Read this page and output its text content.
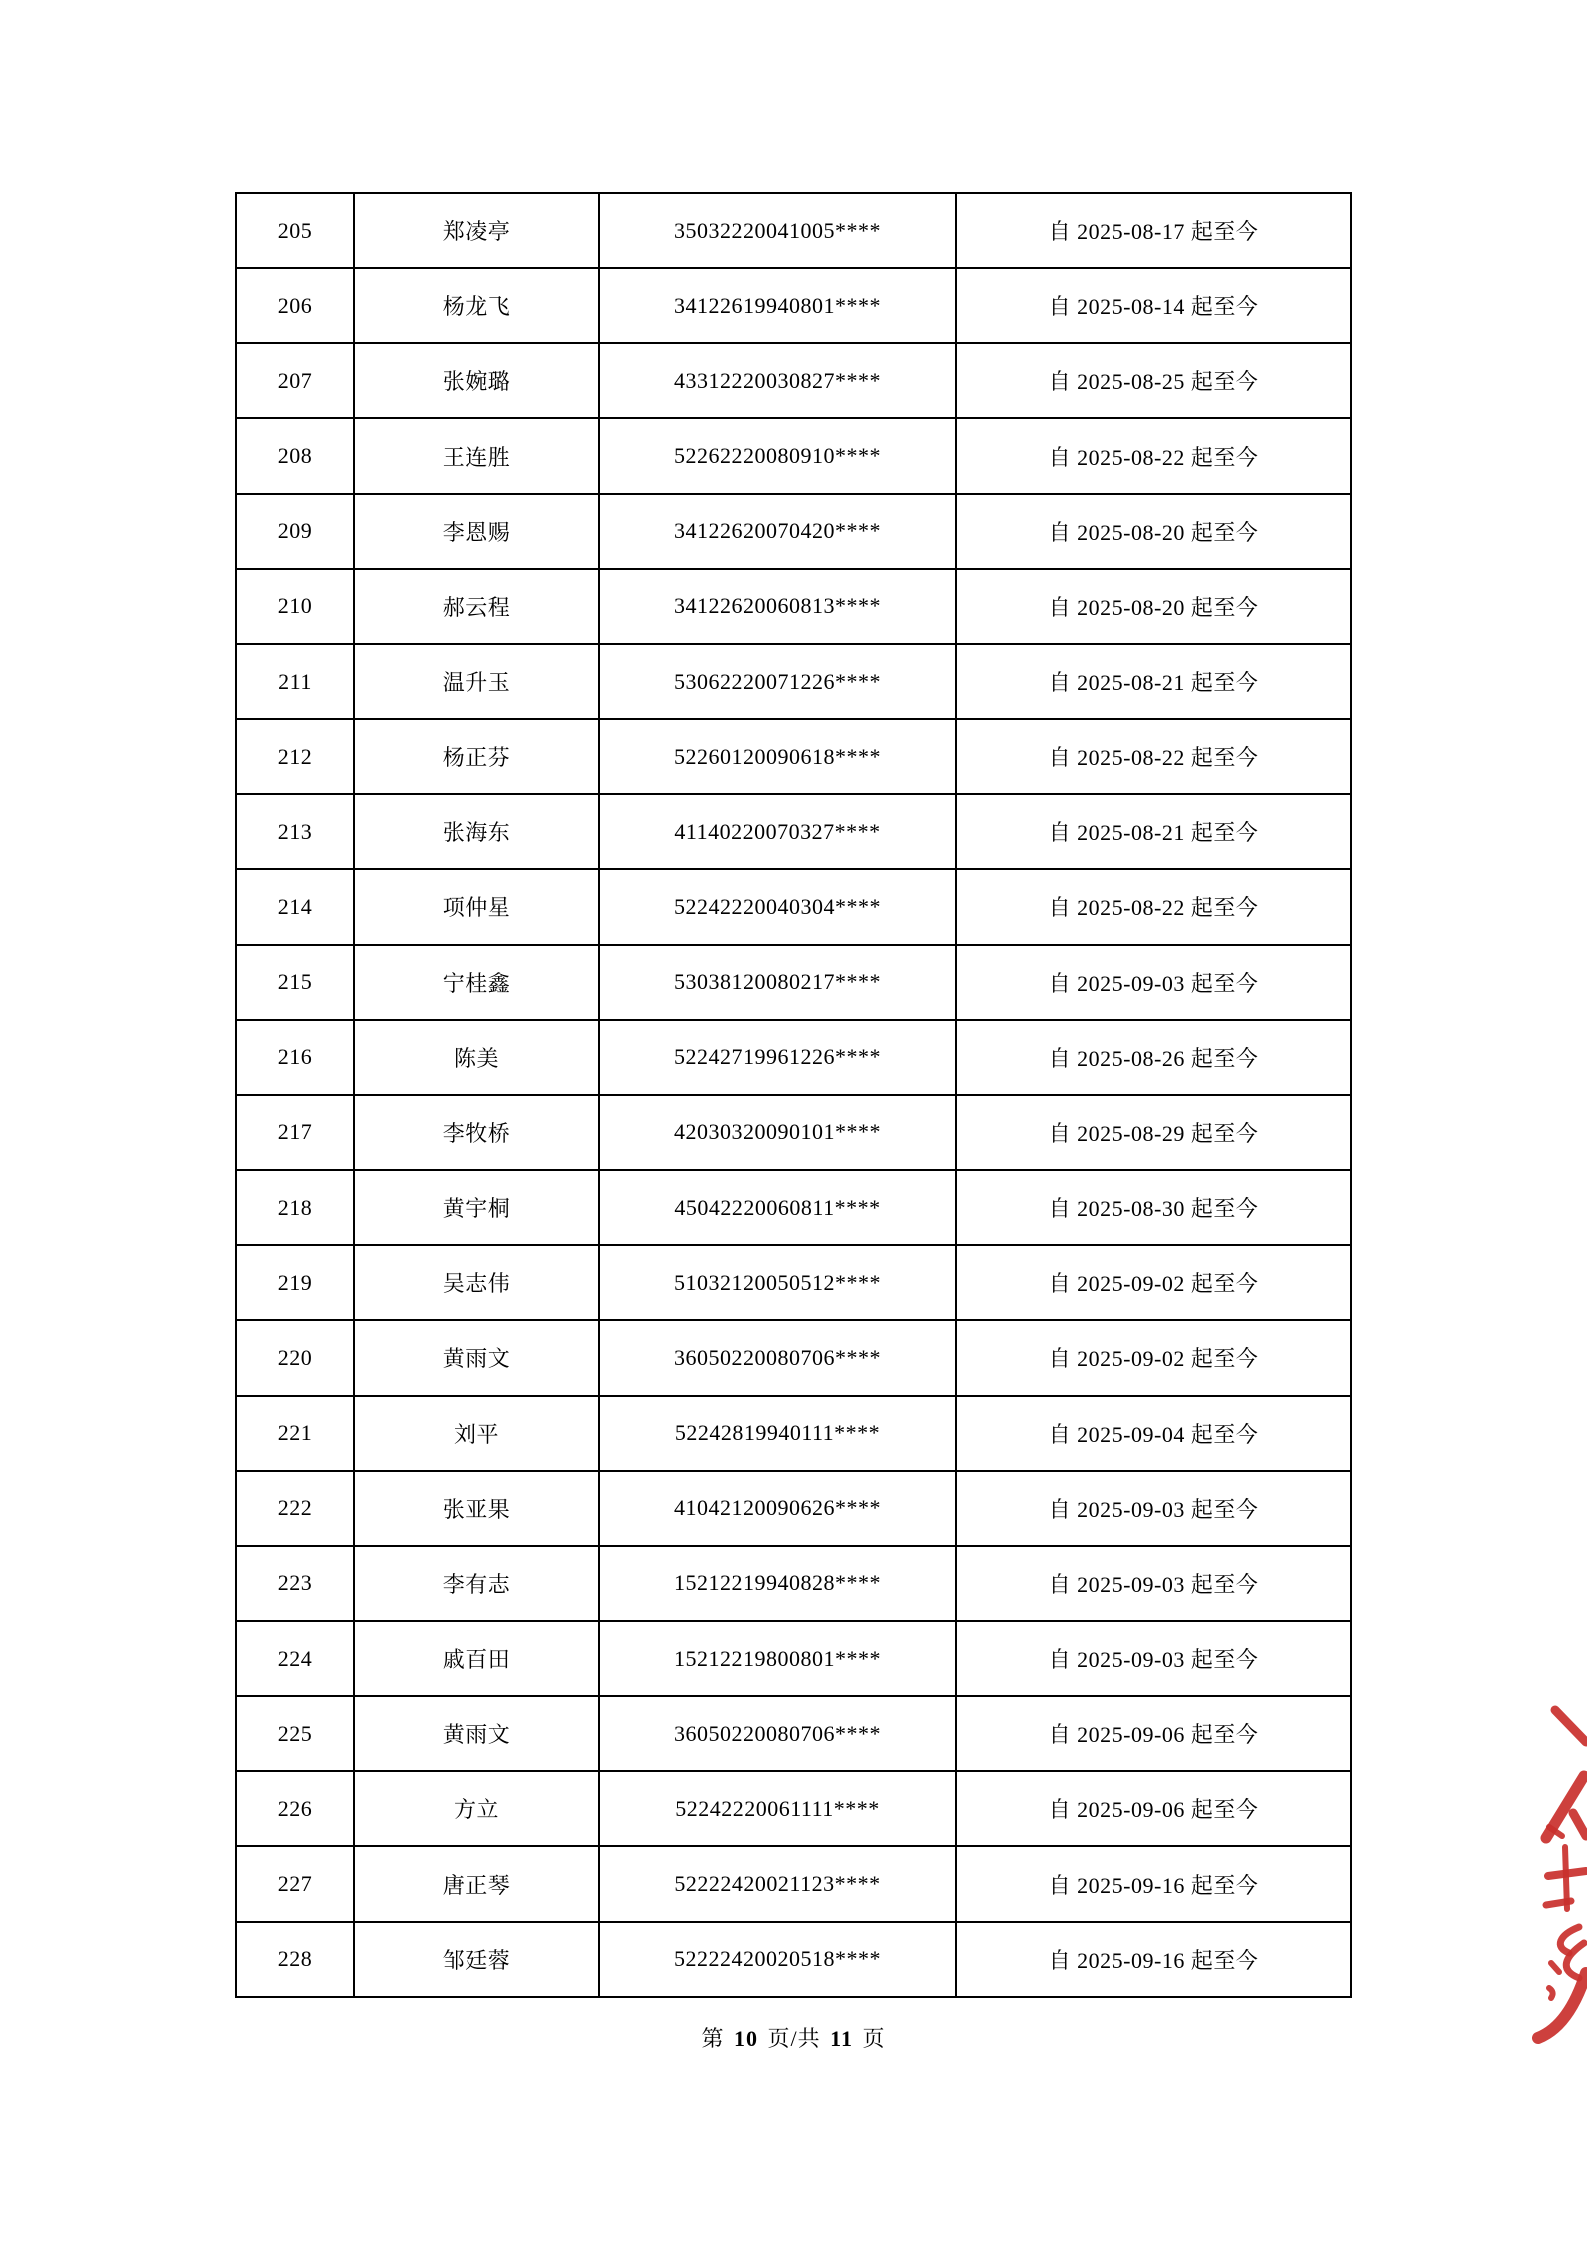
205	郑凌亭	35032220041005****	自 2025-08-17 起至今
206	杨龙飞	34122619940801****	自 2025-08-14 起至今
207	张婉璐	43312220030827****	自 2025-08-25 起至今
208	王连胜	52262220080910****	自 2025-08-22 起至今
209	李恩赐	34122620070420****	自 2025-08-20 起至今
210	郝云程	34122620060813****	自 2025-08-20 起至今
211	温升玉	53062220071226****	自 2025-08-21 起至今
212	杨正芬	52260120090618****	自 2025-08-22 起至今
213	张海东	41140220070327****	自 2025-08-21 起至今
214	项仲星	52242220040304****	自 2025-08-22 起至今
215	宁桂鑫	53038120080217****	自 2025-09-03 起至今
216	陈美	52242719961226****	自 2025-08-26 起至今
217	李牧桥	42030320090101****	自 2025-08-29 起至今
218	黄宇桐	45042220060811****	自 2025-08-30 起至今
219	吴志伟	51032120050512****	自 2025-09-02 起至今
220	黄雨文	36050220080706****	自 2025-09-02 起至今
221	刘平	52242819940111****	自 2025-09-04 起至今
222	张亚果	41042120090626****	自 2025-09-03 起至今
223	李有志	15212219940828****	自 2025-09-03 起至今
224	戚百田	15212219800801****	自 2025-09-03 起至今
225	黄雨文	36050220080706****	自 2025-09-06 起至今
226	方立	52242220061111****	自 2025-09-06 起至今
227	唐正琴	52222420021123****	自 2025-09-16 起至今
228	邹廷蓉	52222420020518****	自 2025-09-16 起至今
第 10 页/共 11 页
